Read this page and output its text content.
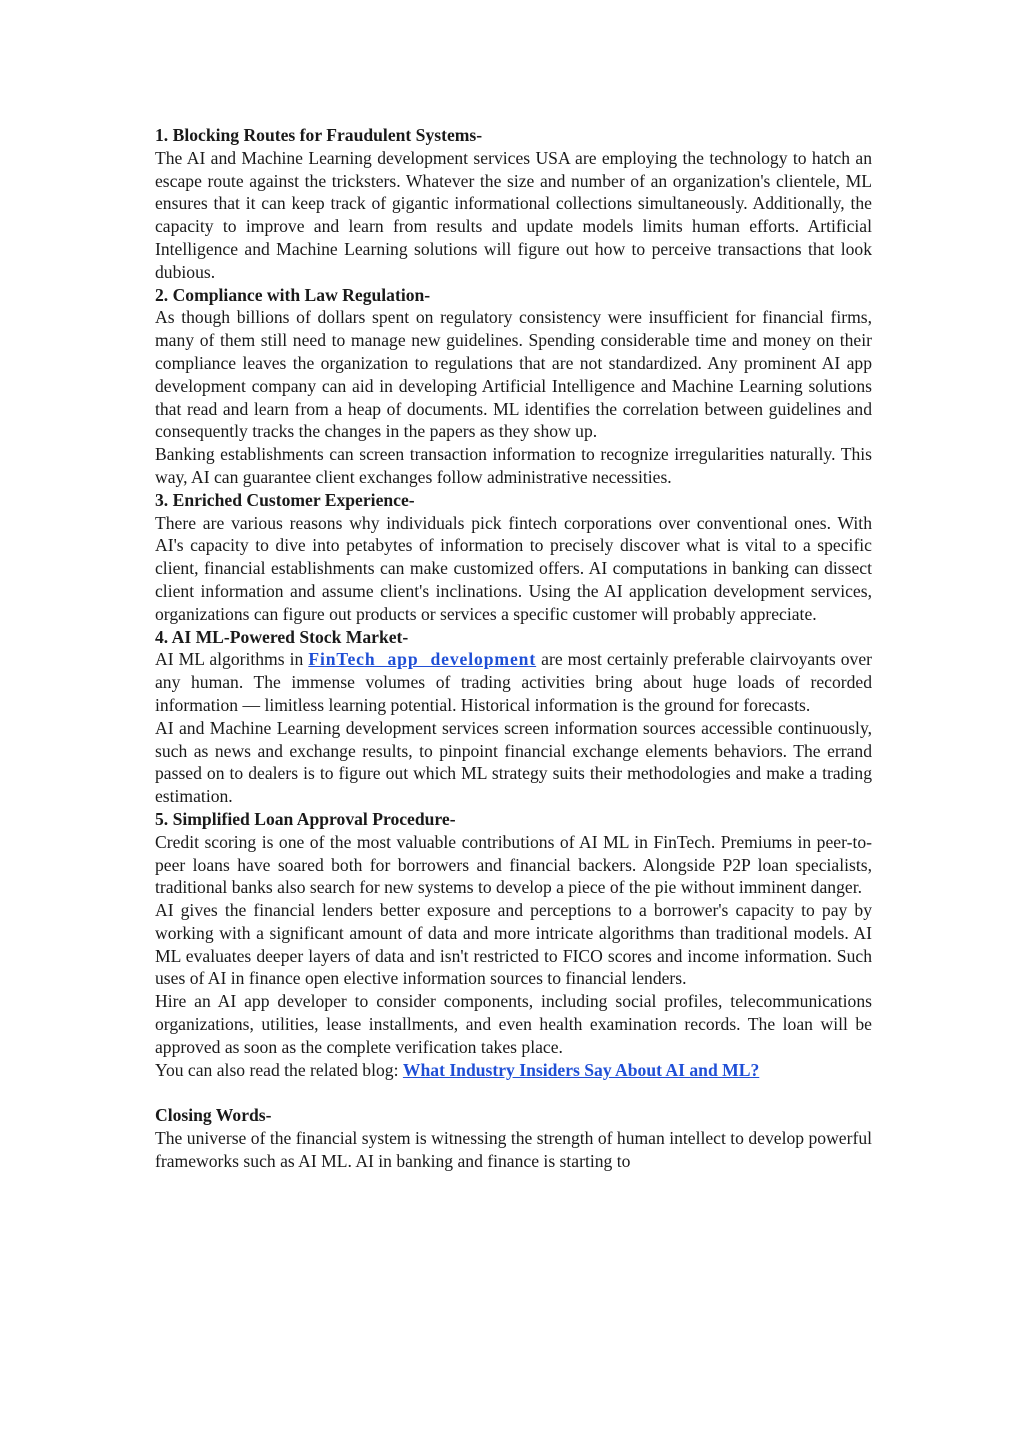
1. Blocking Routes for Fraudulent Systems-

The AI and Machine Learning development services USA are employing the technology to hatch an escape route against the tricksters. Whatever the size and number of an organization's clientele, ML ensures that it can keep track of gigantic informational collections simultaneously. Additionally, the capacity to improve and learn from results and update models limits human efforts. Artificial Intelligence and Machine Learning solutions will figure out how to perceive transactions that look dubious.

2. Compliance with Law Regulation-

As though billions of dollars spent on regulatory consistency were insufficient for financial firms, many of them still need to manage new guidelines. Spending considerable time and money on their compliance leaves the organization to regulations that are not standardized. Any prominent AI app development company can aid in developing Artificial Intelligence and Machine Learning solutions that read and learn from a heap of documents. ML identifies the correlation between guidelines and consequently tracks the changes in the papers as they show up.

Banking establishments can screen transaction information to recognize irregularities naturally. This way, AI can guarantee client exchanges follow administrative necessities.

3. Enriched Customer Experience-

There are various reasons why individuals pick fintech corporations over conventional ones. With AI's capacity to dive into petabytes of information to precisely discover what is vital to a specific client, financial establishments can make customized offers. AI computations in banking can dissect client information and assume client's inclinations. Using the AI application development services, organizations can figure out products or services a specific customer will probably appreciate.

4. AI ML-Powered Stock Market-

AI ML algorithms in FinTech app development are most certainly preferable clairvoyants over any human. The immense volumes of trading activities bring about huge loads of recorded information — limitless learning potential. Historical information is the ground for forecasts.

AI and Machine Learning development services screen information sources accessible continuously, such as news and exchange results, to pinpoint financial exchange elements behaviors. The errand passed on to dealers is to figure out which ML strategy suits their methodologies and make a trading estimation.

5. Simplified Loan Approval Procedure-

Credit scoring is one of the most valuable contributions of AI ML in FinTech. Premiums in peer-to-peer loans have soared both for borrowers and financial backers. Alongside P2P loan specialists, traditional banks also search for new systems to develop a piece of the pie without imminent danger.

AI gives the financial lenders better exposure and perceptions to a borrower's capacity to pay by working with a significant amount of data and more intricate algorithms than traditional models. AI ML evaluates deeper layers of data and isn't restricted to FICO scores and income information. Such uses of AI in finance open elective information sources to financial lenders.

Hire an AI app developer to consider components, including social profiles, telecommunications organizations, utilities, lease installments, and even health examination records. The loan will be approved as soon as the complete verification takes place.

You can also read the related blog: What Industry Insiders Say About AI and ML?

Closing Words-

The universe of the financial system is witnessing the strength of human intellect to develop powerful frameworks such as AI ML. AI in banking and finance is starting to
